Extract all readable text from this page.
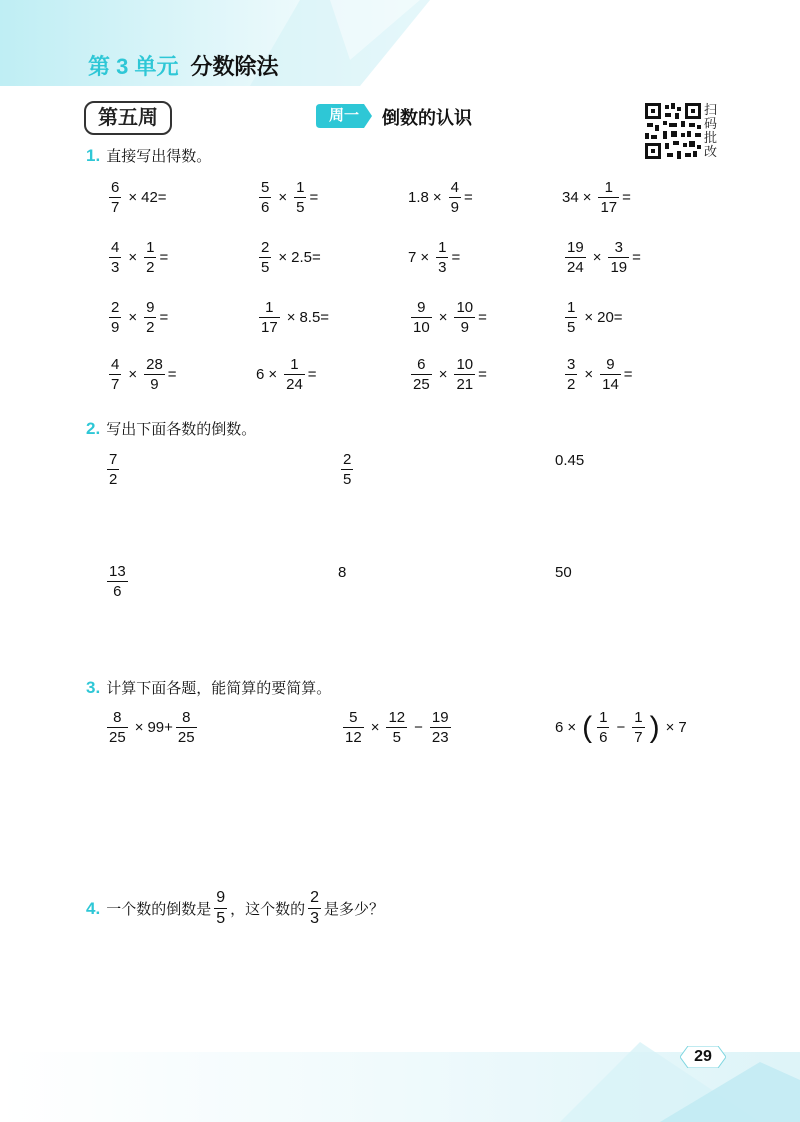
第 3 单元 分数除法
第五周	周一	倒数的认识	扫
码
批
改
1. 直接写出得数。
$\frac{6}{7} \times 42=$	$\frac{5}{6} \times \frac{1}{5}$ =	$1.8 \times \frac{4}{9}$ =	$34 \times \frac{1}{17}$ =
$\frac{4}{3} \times \frac{1}{2}$ =	$\frac{2}{5} \times 2.5=$	$7 \times \frac{1}{3}$ =	$\frac{19}{24} \times \frac{3}{19}$ =
$\frac{2}{9} \times \frac{9}{2}$ =	$\frac{1}{17} \times 8.5=$	$\frac{9}{10} \times \frac{10}{9}$ =	$\frac{1}{5} \times 20=$
$\frac{4}{7} \times \frac{28}{9}$ =	$6 \times \frac{1}{24}$ =	$\frac{6}{25} \times \frac{10}{21}$ =	$\frac{3}{2} \times \frac{9}{14}$ =
2. 写出下面各数的倒数。
$\frac{7}{2}$	$\frac{2}{5}$	0.45
$\frac{13}{6}$	8	50
3. 计算下面各题，能简算的要简算。
$\frac{8}{25} \times 99+ \frac{8}{25}$	$\frac{5}{12} \times \frac{12}{5} - \frac{19}{23}$	6 × ( $\frac{1}{6} - \frac{1}{7}$ ) × 7
4. 一个数的倒数是 $\frac{9}{5}$ ，这个数的 $\frac{2}{3}$ 是多少？
29
